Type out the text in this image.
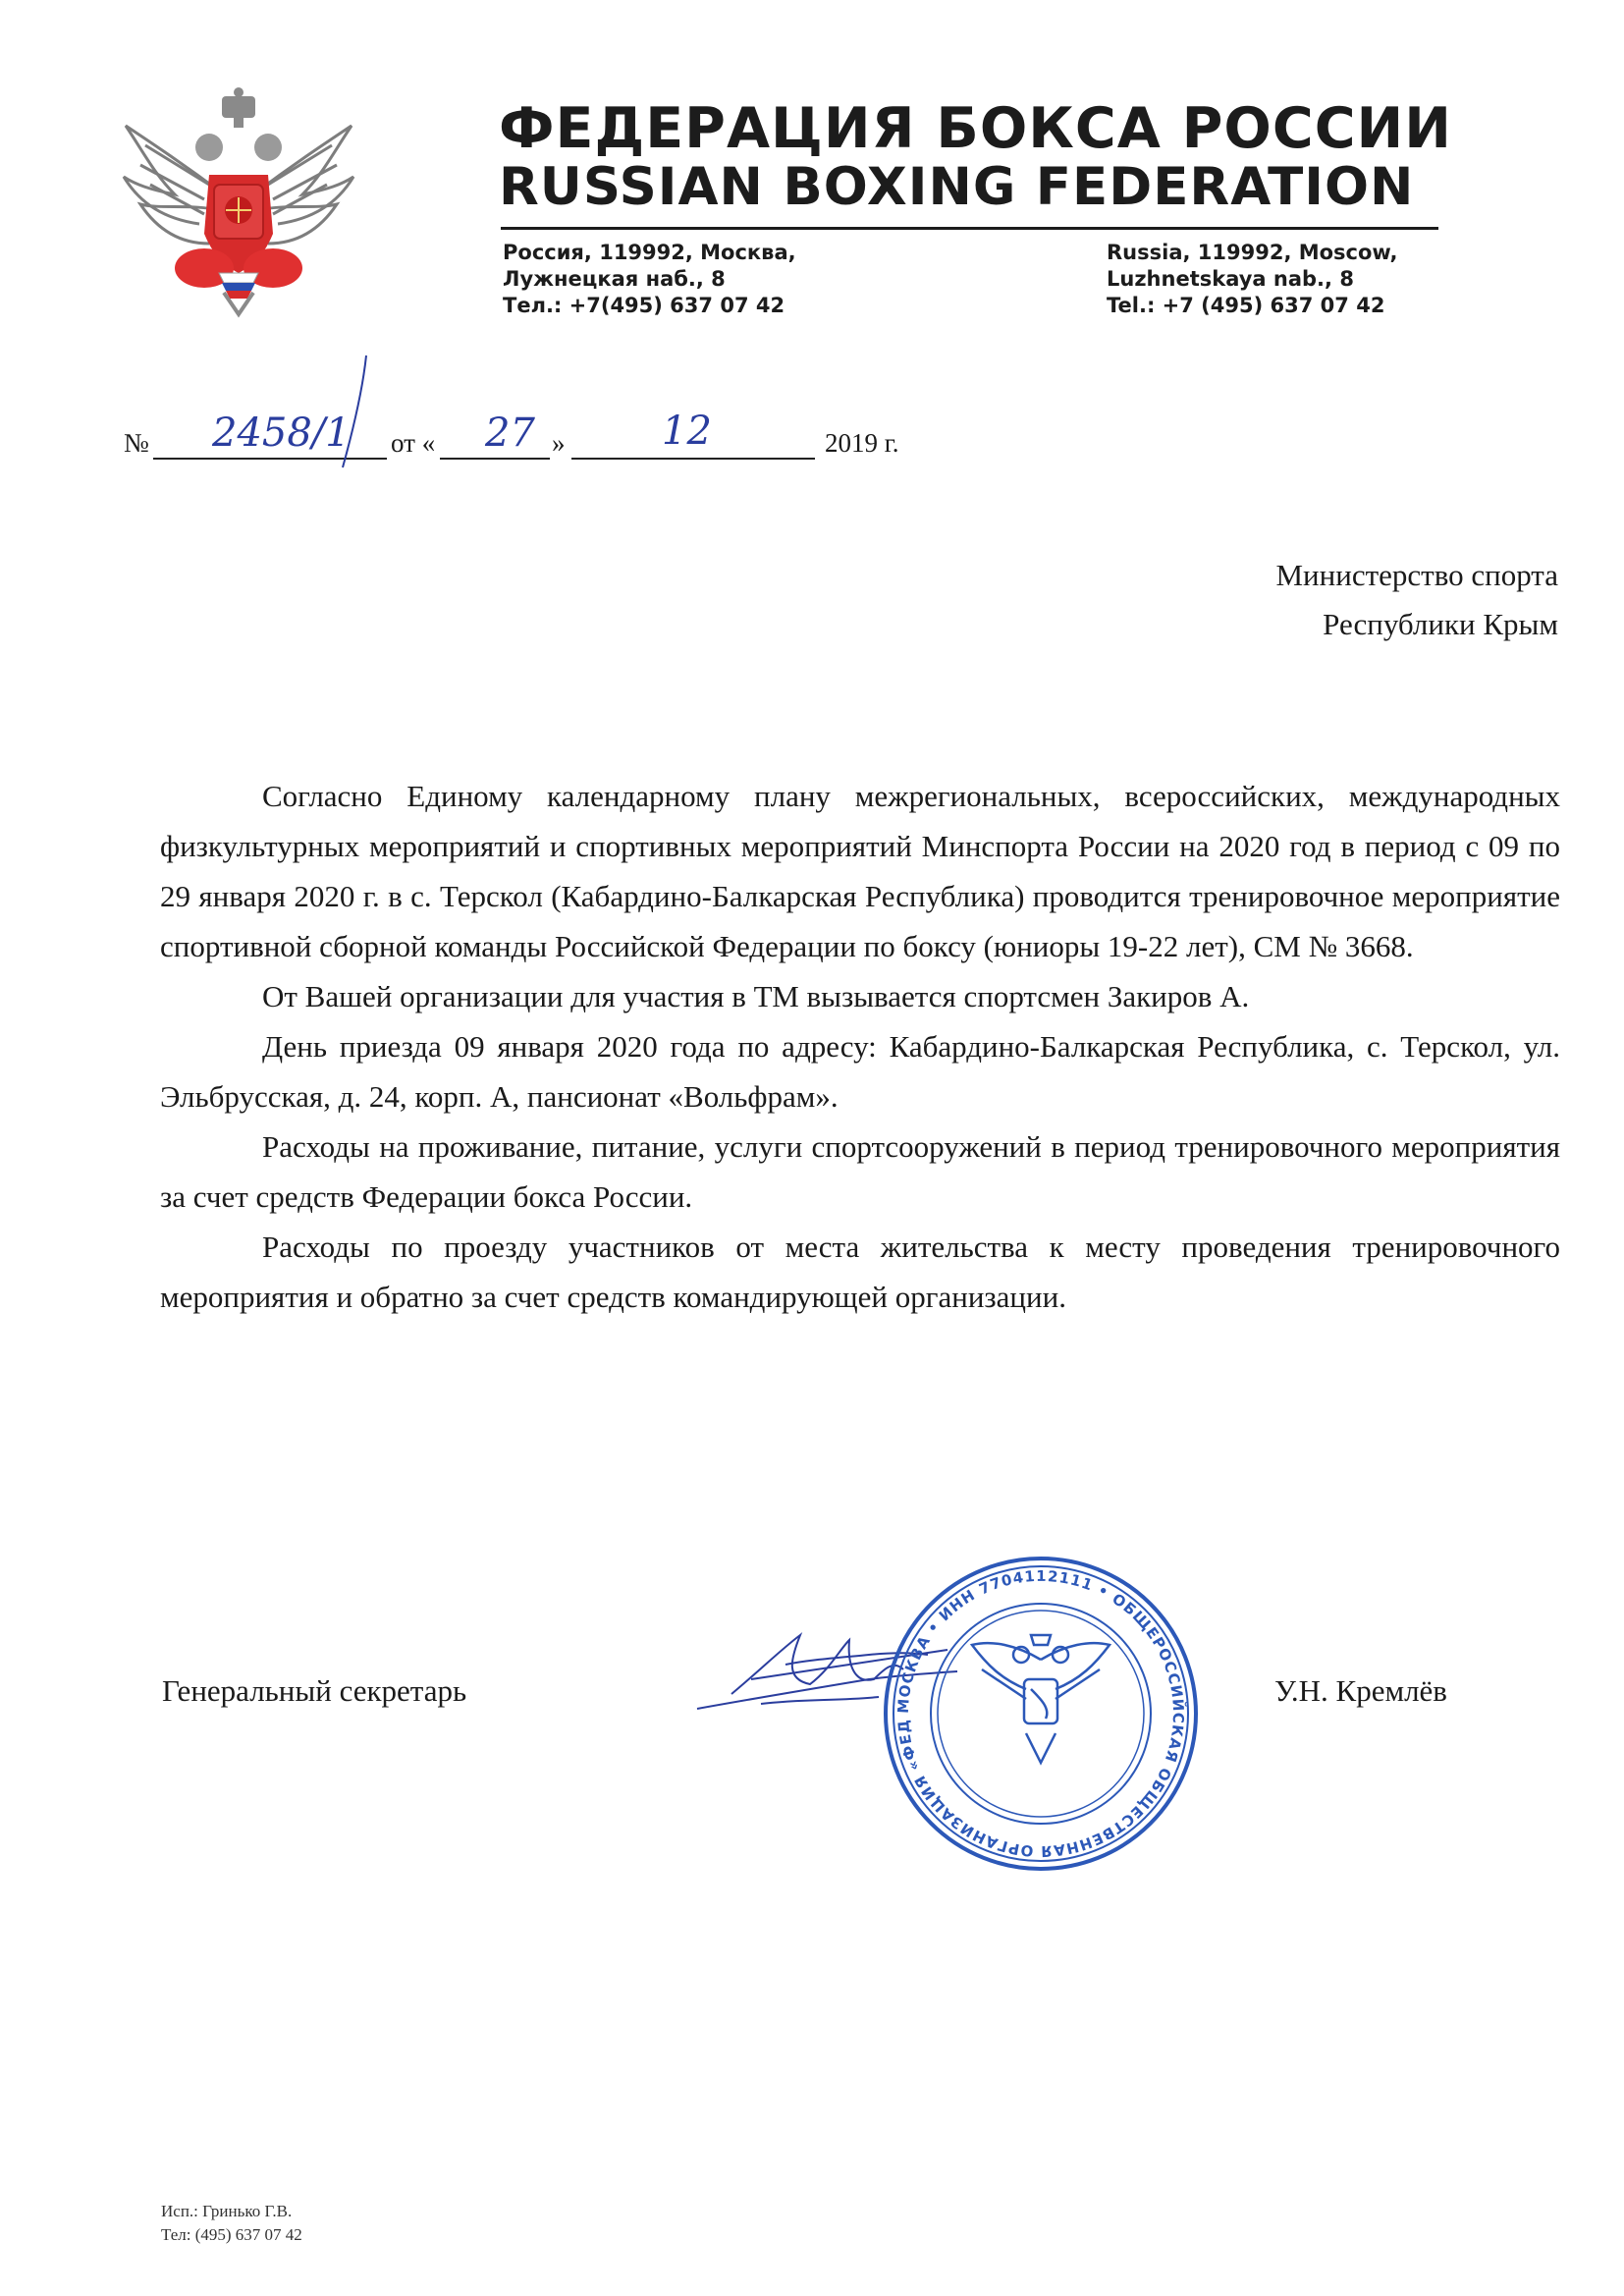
ФЕДЕРАЦИЯ БОКСА РОССИИ
RUSSIAN BOXING FEDERATION
Россия, 119992, Москва,
Лужнецкая наб., 8
Тел.: +7(495) 637 07 42
Russia, 119992, Moscow,
Luzhnetskaya nab., 8
Tel.: +7 (495) 637 07 42
№ 2458/1 от « 27 » 12	2019 г.
Министерство спорта
Республики Крым

Согласно Единому календарному плану межрегиональных, всероссийских, международных физкультурных мероприятий и спортивных мероприятий Минспорта России на 2020 год в период с 09 по 29 января 2020 г. в с. Терскол (Кабардино-Балкарская Республика) проводится тренировочное мероприятие спортивной сборной команды Российской Федерации по боксу (юниоры 19-22 лет), СМ № 3668.

От Вашей организации для участия в ТМ вызывается спортсмен Закиров А.

День приезда 09 января 2020 года по адресу: Кабардино-Балкарская Республика, с. Терскол, ул. Эльбрусская, д. 24, корп. А, пансионат «Вольфрам».

Расходы на проживание, питание, услуги спортсооружений в период тренировочного мероприятия за счет средств Федерации бокса России.

Расходы по проезду участников от места жительства к месту проведения тренировочного мероприятия и обратно за счет средств командирующей организации.

Генеральный секретарь	МОСКВА • ИНН 7704112111 • ОБЩЕРОССИЙСКАЯ ОБЩЕСТВЕННАЯ ОРГАНИЗАЦИЯ «ФЕД
У.Н. Кремлёв
Исп.: Гринько Г.В.
Тел: (495) 637 07 42
